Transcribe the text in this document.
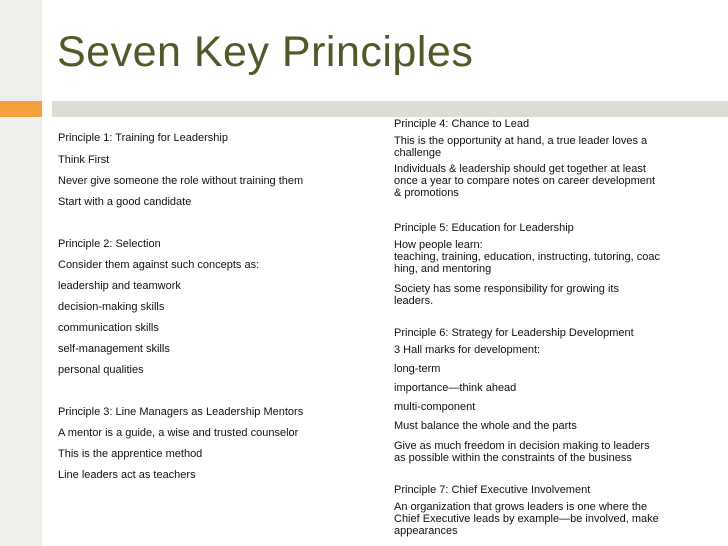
Seven Key Principles

Principle 1: Training for Leadership

Think First

Never give someone the role without training them

Start with a good candidate

Principle 2: Selection

Consider them against such concepts as:

leadership and teamwork

decision-making skills

communication skills

self-management skills

personal qualities

Principle 3: Line Managers as Leadership Mentors

A mentor is a guide, a wise and trusted counselor

This is the apprentice method

Line leaders act as teachers

Principle 4: Chance to Lead

This is the opportunity at hand, a true leader loves a

challenge

Individuals & leadership should get together at least

once a year to compare notes on career development

& promotions

Principle 5: Education for Leadership

How people learn:

teaching, training, education, instructing, tutoring, coac

hing, and mentoring

Society has some responsibility for growing its

leaders.

Principle 6: Strategy for Leadership Development

3 Hall marks for development:

long-term

importance—think ahead

multi-component

Must balance the whole and the parts

Give as much freedom in decision making to leaders

as possible within the constraints of the business

Principle 7: Chief Executive Involvement

An organization that grows leaders is one where the

Chief Executive leads by example—be involved, make

appearances
